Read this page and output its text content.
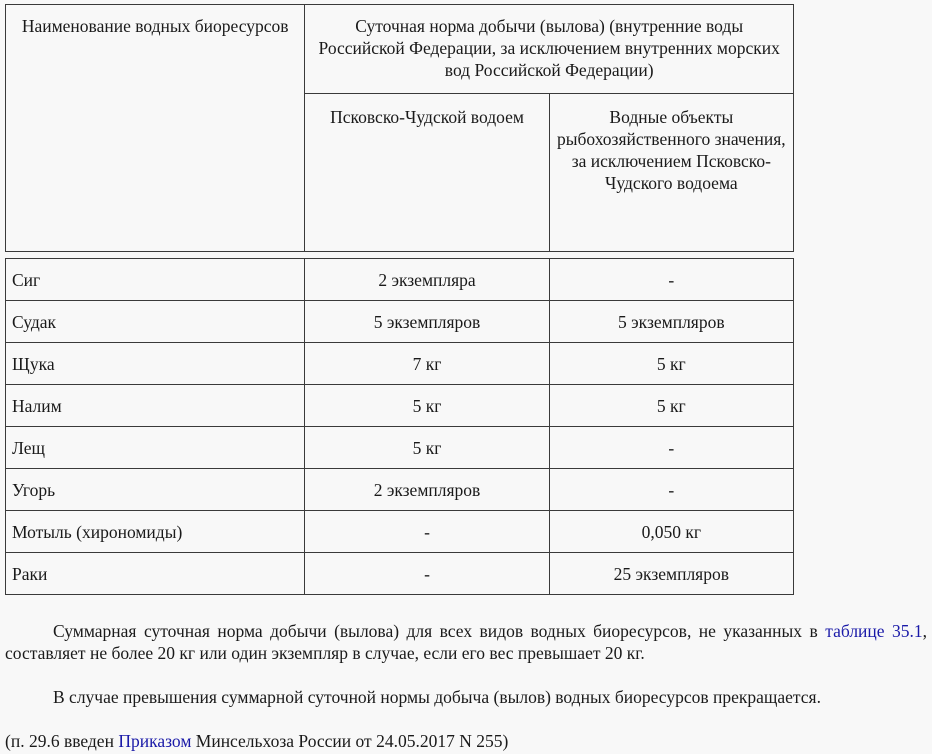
Наименование водных биоресурсов	Суточная норма добычи (вылова) (внутренние воды Российской Федерации, за исключением внутренних морских вод Российской Федерации)	
	Псковско-Чудской водоем	Водные объекты рыбохозяйственного значения, за исключением Псковско-Чудского водоема
Сиг	2 экземпляра	-
Судак	5 экземпляров	5 экземпляров
Щука	7 кг	5 кг
Налим	5 кг	5 кг
Лещ	5 кг	-
Угорь	2 экземпляров	-
Мотыль (хирономиды)	-	0,050 кг
Раки	-	25 экземпляров
Суммарная суточная норма добычи (вылова) для всех видов водных биоресурсов, не указанных в таблице 35.1, составляет не более 20 кг или один экземпляр в случае, если его вес превышает 20 кг.
В случае превышения суммарной суточной нормы добыча (вылов) водных биоресурсов прекращается.
(п. 29.6 введен Приказом Минсельхоза России от 24.05.2017 N 255)
